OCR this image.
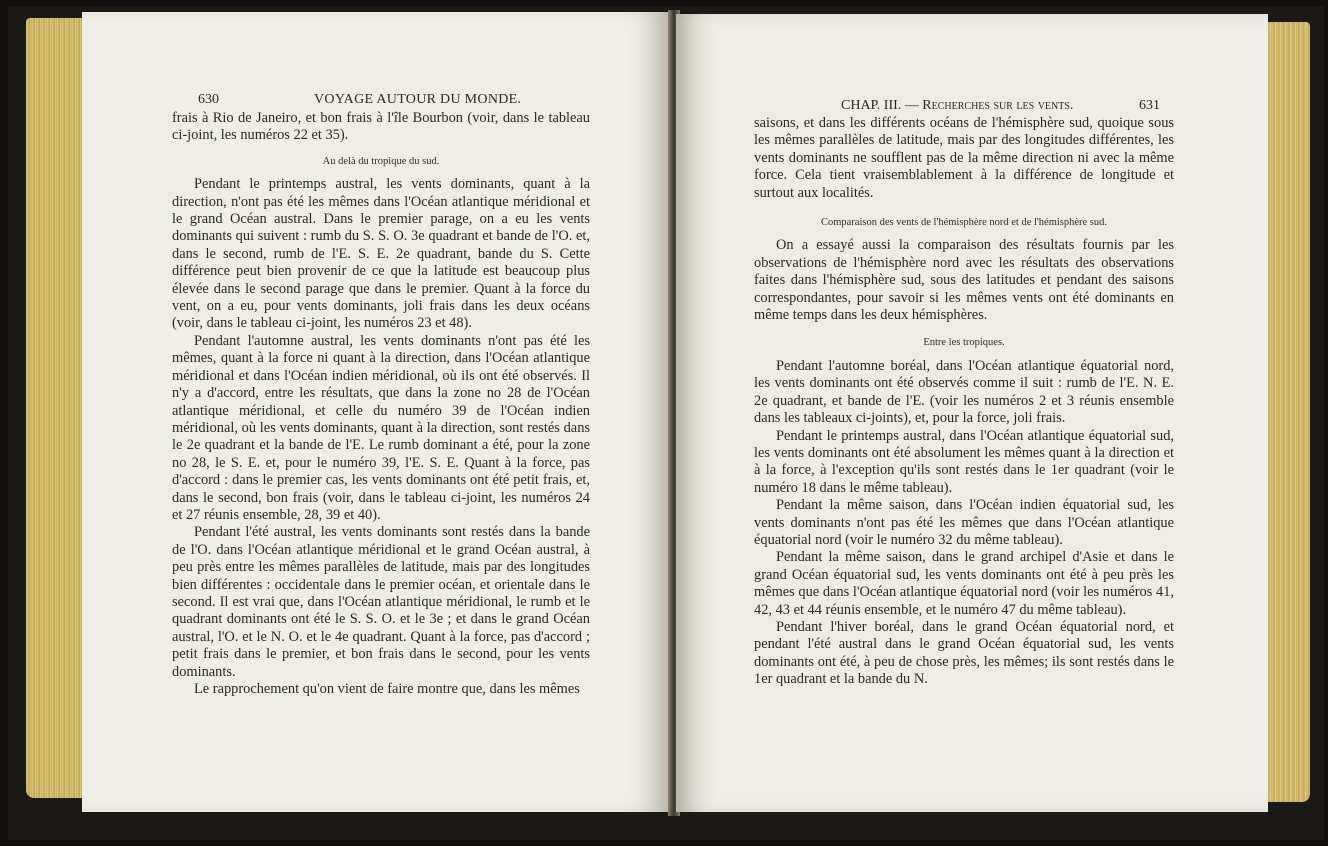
630	VOYAGE AUTOUR DU MONDE.

frais à Rio de Janeiro, et bon frais à l'île Bourbon (voir, dans le tableau ci-joint, les numéros 22 et 35).

Au delà du tropique du sud.

Pendant le printemps austral, les vents dominants, quant à la direction, n'ont pas été les mêmes dans l'Océan atlantique méridional et le grand Océan austral. Dans le premier parage, on a eu les vents dominants qui suivent : rumb du S. S. O. 3e quadrant et bande de l'O. et, dans le second, rumb de l'E. S. E. 2e quadrant, bande du S. Cette différence peut bien provenir de ce que la latitude est beaucoup plus élevée dans le second parage que dans le premier. Quant à la force du vent, on a eu, pour vents dominants, joli frais dans les deux océans (voir, dans le tableau ci-joint, les numéros 23 et 48).

Pendant l'automne austral, les vents dominants n'ont pas été les mêmes, quant à la force ni quant à la direction, dans l'Océan atlantique méridional et dans l'Océan indien méridional, où ils ont été observés. Il n'y a d'accord, entre les résultats, que dans la zone no 28 de l'Océan atlantique méridional, et celle du numéro 39 de l'Océan indien méridional, où les vents dominants, quant à la direction, sont restés dans le 2e quadrant et la bande de l'E. Le rumb dominant a été, pour la zone no 28, le S. E. et, pour le numéro 39, l'E. S. E. Quant à la force, pas d'accord : dans le premier cas, les vents dominants ont été petit frais, et, dans le second, bon frais (voir, dans le tableau ci-joint, les numéros 24 et 27 réunis ensemble, 28, 39 et 40).

Pendant l'été austral, les vents dominants sont restés dans la bande de l'O. dans l'Océan atlantique méridional et le grand Océan austral, à peu près entre les mêmes parallèles de latitude, mais par des longitudes bien différentes : occidentale dans le premier océan, et orientale dans le second. Il est vrai que, dans l'Océan atlantique méridional, le rumb et le quadrant dominants ont été le S. S. O. et le 3e ; et dans le grand Océan austral, l'O. et le N. O. et le 4e quadrant. Quant à la force, pas d'accord ; petit frais dans le premier, et bon frais dans le second, pour les vents dominants.

Le rapprochement qu'on vient de faire montre que, dans les mêmes

CHAP. III. — Recherches sur les vents.	631

saisons, et dans les différents océans de l'hémisphère sud, quoique sous les mêmes parallèles de latitude, mais par des longitudes différentes, les vents dominants ne soufflent pas de la même direction ni avec la même force. Cela tient vraisemblablement à la différence de longitude et surtout aux localités.

Comparaison des vents de l'hémisphère nord et de l'hémisphère sud.

On a essayé aussi la comparaison des résultats fournis par les observations de l'hémisphère nord avec les résultats des observations faites dans l'hémisphère sud, sous des latitudes et pendant des saisons correspondantes, pour savoir si les mêmes vents ont été dominants en même temps dans les deux hémisphères.

Entre les tropiques.

Pendant l'automne boréal, dans l'Océan atlantique équatorial nord, les vents dominants ont été observés comme il suit : rumb de l'E. N. E. 2e quadrant, et bande de l'E. (voir les numéros 2 et 3 réunis ensemble dans les tableaux ci-joints), et, pour la force, joli frais.

Pendant le printemps austral, dans l'Océan atlantique équatorial sud, les vents dominants ont été absolument les mêmes quant à la direction et à la force, à l'exception qu'ils sont restés dans le 1er quadrant (voir le numéro 18 dans le même tableau).

Pendant la même saison, dans l'Océan indien équatorial sud, les vents dominants n'ont pas été les mêmes que dans l'Océan atlantique équatorial nord (voir le numéro 32 du même tableau).

Pendant la même saison, dans le grand archipel d'Asie et dans le grand Océan équatorial sud, les vents dominants ont été à peu près les mêmes que dans l'Océan atlantique équatorial nord (voir les numéros 41, 42, 43 et 44 réunis ensemble, et le numéro 47 du même tableau).

Pendant l'hiver boréal, dans le grand Océan équatorial nord, et pendant l'été austral dans le grand Océan équatorial sud, les vents dominants ont été, à peu de chose près, les mêmes; ils sont restés dans le 1er quadrant et la bande du N.
